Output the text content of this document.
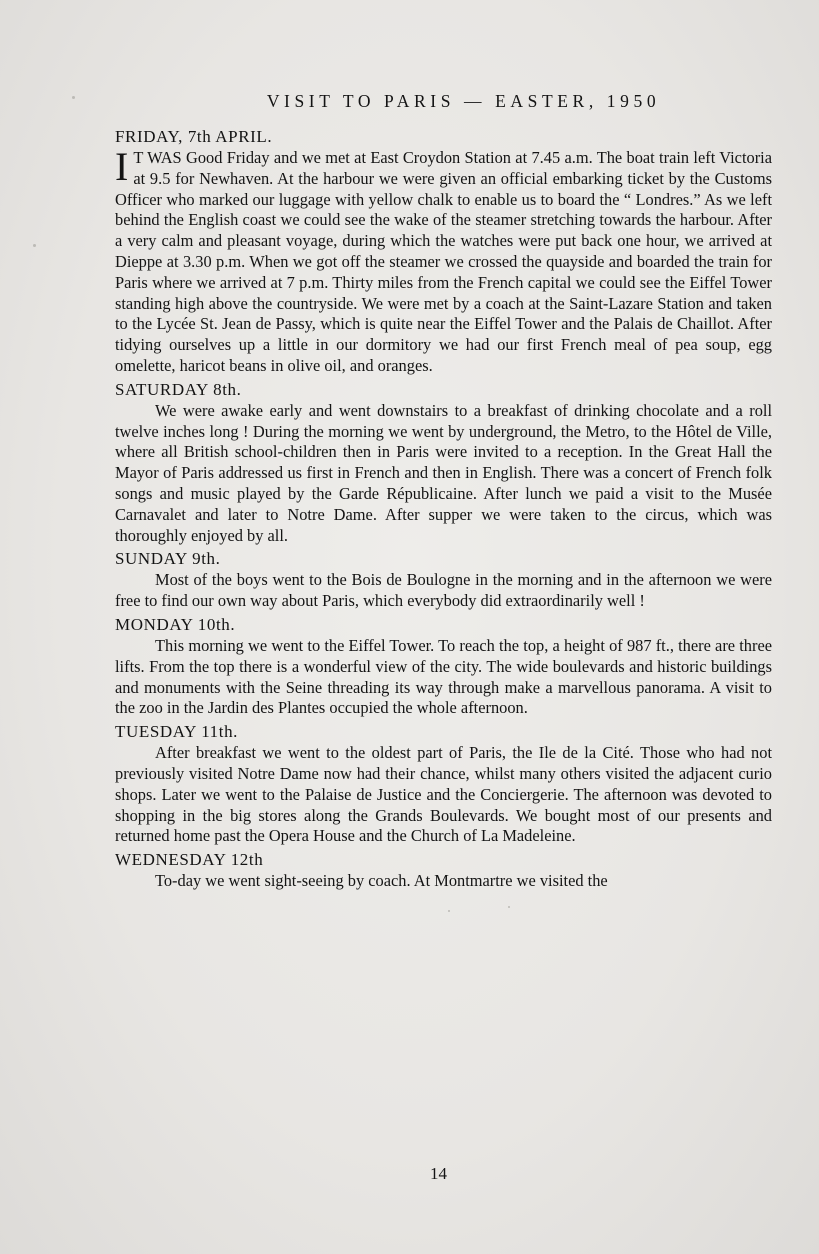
VISIT TO PARIS — EASTER, 1950
FRIDAY, 7th APRIL.

I T WAS Good Friday and we met at East Croydon Station at 7.45 a.m. The boat train left Victoria at 9.5 for Newhaven. At the harbour we were given an official embarking ticket by the Customs Officer who marked our luggage with yellow chalk to enable us to board the “ Londres.” As we left behind the English coast we could see the wake of the steamer stretching towards the harbour. After a very calm and pleasant voyage, during which the watches were put back one hour, we arrived at Dieppe at 3.30 p.m. When we got off the steamer we crossed the quayside and boarded the train for Paris where we arrived at 7 p.m. Thirty miles from the French capital we could see the Eiffel Tower standing high above the countryside. We were met by a coach at the Saint-Lazare Station and taken to the Lycée St. Jean de Passy, which is quite near the Eiffel Tower and the Palais de Chaillot. After tidying ourselves up a little in our dormitory we had our first French meal of pea soup, egg omelette, haricot beans in olive oil, and oranges.

SATURDAY 8th.

We were awake early and went downstairs to a breakfast of drinking chocolate and a roll twelve inches long ! During the morning we went by underground, the Metro, to the Hôtel de Ville, where all British school-children then in Paris were invited to a reception. In the Great Hall the Mayor of Paris addressed us first in French and then in English. There was a concert of French folk songs and music played by the Garde Républicaine. After lunch we paid a visit to the Musée Carnavalet and later to Notre Dame. After supper we were taken to the circus, which was thoroughly enjoyed by all.

SUNDAY 9th.

Most of the boys went to the Bois de Boulogne in the morning and in the afternoon we were free to find our own way about Paris, which everybody did extraordinarily well !

MONDAY 10th.

This morning we went to the Eiffel Tower. To reach the top, a height of 987 ft., there are three lifts. From the top there is a wonderful view of the city. The wide boulevards and historic buildings and monuments with the Seine threading its way through make a marvellous panorama. A visit to the zoo in the Jardin des Plantes occupied the whole afternoon.

TUESDAY 11th.

After breakfast we went to the oldest part of Paris, the Ile de la Cité. Those who had not previously visited Notre Dame now had their chance, whilst many others visited the adjacent curio shops. Later we went to the Palaise de Justice and the Conciergerie. The afternoon was devoted to shopping in the big stores along the Grands Boulevards. We bought most of our presents and returned home past the Opera House and the Church of La Madeleine.

WEDNESDAY 12th

To-day we went sight-seeing by coach. At Montmartre we visited the

14
